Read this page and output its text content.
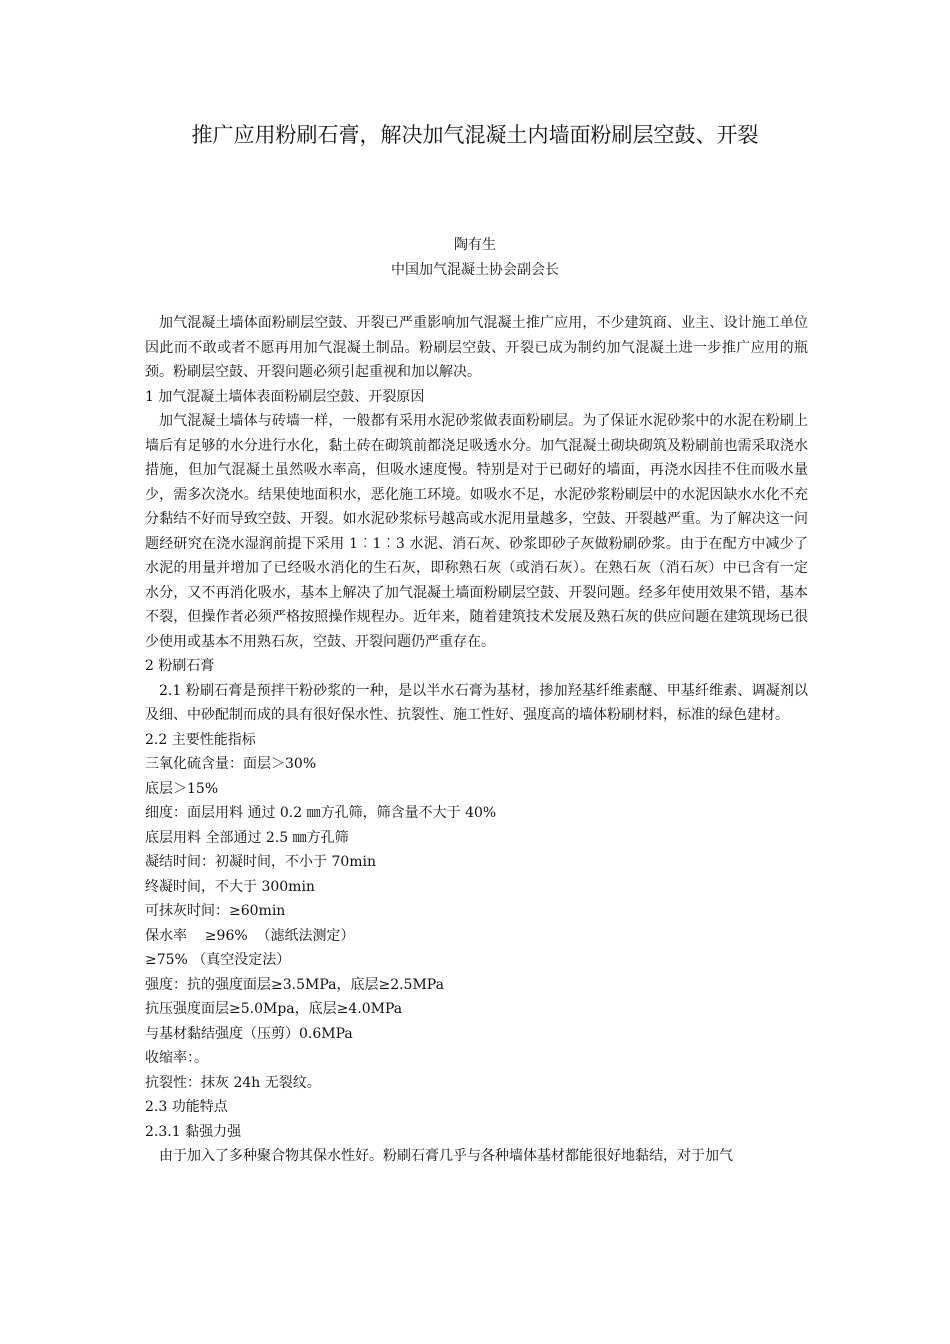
推广应用粉刷石膏，解决加气混凝土内墙面粉刷层空鼓、开裂

陶有生

中国加气混凝土协会副会长

加气混凝土墙体面粉刷层空鼓、开裂已严重影响加气混凝土推广应用，不少建筑商、业主、设计施工单位因此而不敢或者不愿再用加气混凝土制品。粉刷层空鼓、开裂已成为制约加气混凝土进一步推广应用的瓶颈。粉刷层空鼓、开裂问题必须引起重视和加以解决。

1 加气混凝土墙体表面粉刷层空鼓、开裂原因

加气混凝土墙体与砖墙一样，一般都有采用水泥砂浆做表面粉刷层。为了保证水泥砂浆中的水泥在粉刷上墙后有足够的水分进行水化，黏土砖在砌筑前都浇足吸透水分。加气混凝土砌块砌筑及粉刷前也需采取浇水措施，但加气混凝土虽然吸水率高，但吸水速度慢。特别是对于已砌好的墙面，再浇水因挂不住而吸水量少，需多次浇水。结果使地面积水，恶化施工环境。如吸水不足，水泥砂浆粉刷层中的水泥因缺水水化不充分黏结不好而导致空鼓、开裂。如水泥砂浆标号越高或水泥用量越多，空鼓、开裂越严重。为了解决这一问题经研究在浇水湿润前提下采用 1︰1︰3 水泥、消石灰、砂浆即砂子灰做粉刷砂浆。由于在配方中减少了水泥的用量并增加了已经吸水消化的生石灰，即称熟石灰（或消石灰）。在熟石灰（消石灰）中已含有一定水分，又不再消化吸水，基本上解决了加气混凝土墙面粉刷层空鼓、开裂问题。经多年使用效果不错，基本不裂，但操作者必须严格按照操作规程办。近年来，随着建筑技术发展及熟石灰的供应问题在建筑现场已很少使用或基本不用熟石灰，空鼓、开裂问题仍严重存在。

2 粉刷石膏

2.1 粉刷石膏是预拌干粉砂浆的一种，是以半水石膏为基材，掺加羟基纤维素醚、甲基纤维素、调凝剂以及细、中砂配制而成的具有很好保水性、抗裂性、施工性好、强度高的墙体粉刷材料，标准的绿色建材。

2.2 主要性能指标

三氧化硫含量：面层＞30%

底层＞15%

细度：面层用料 通过 0.2 ㎜方孔筛，筛含量不大于 40%

底层用料 全部通过 2.5 ㎜方孔筛

凝结时间：初凝时间，不小于 70min

终凝时间，不大于 300min

可抹灰时间：≥60min

保水率    ≥96%  （滤纸法测定）

≥75% （真空没定法）

强度：抗的强度面层≥3.5MPa，底层≥2.5MPa

抗压强度面层≥5.0Mpa，底层≥4.0MPa

与基材黏结强度（压剪）0.6MPa

收缩率：。

抗裂性：抹灰 24h 无裂纹。

2.3 功能特点

2.3.1 黏强力强

由于加入了多种聚合物其保水性好。粉刷石膏几乎与各种墙体基材都能很好地黏结，对于加气
